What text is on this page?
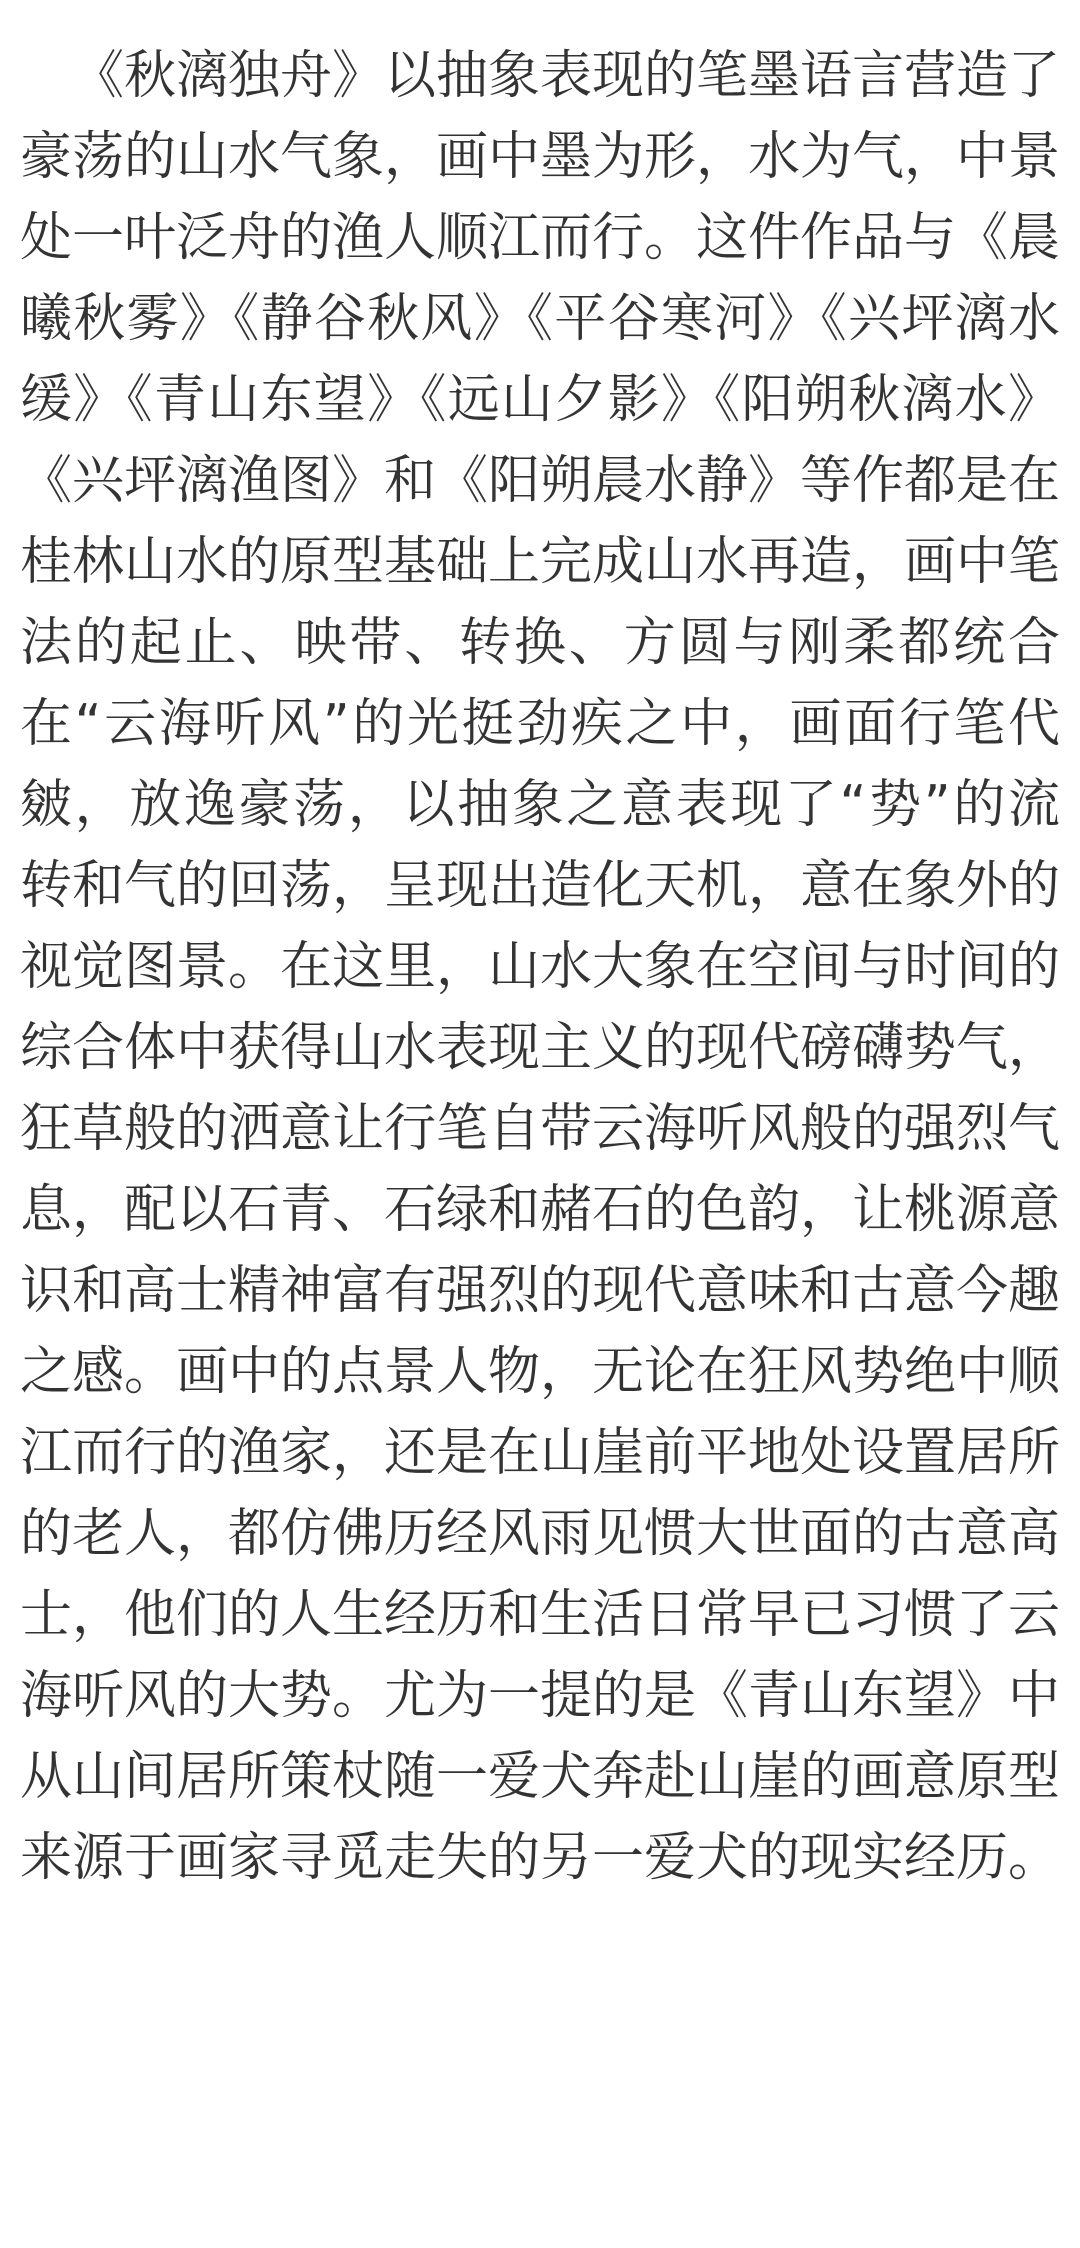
《秋漓独舟》以抽象表现的笔墨语言营造了豪荡的山水气象，画中墨为形，水为气，中景处一叶泛舟的渔人顺江而行。这件作品与《晨曦秋雾》《静谷秋风》《平谷寒河》《兴坪漓水缓》《青山东望》《远山夕影》《阳朔秋漓水》《兴坪漓渔图》和《阳朔晨水静》等作都是在桂林山水的原型基础上完成山水再造，画中笔法的起止、映带、转换、方圆与刚柔都统合在“云海听风”的光挺劲疾之中，画面行笔代皴，放逸豪荡，以抽象之意表现了“势”的流转和气的回荡，呈现出造化天机，意在象外的视觉图景。在这里，山水大象在空间与时间的综合体中获得山水表现主义的现代磅礴势气，狂草般的洒意让行笔自带云海听风般的强烈气息，配以石青、石绿和赭石的色韵，让桃源意识和高士精神富有强烈的现代意味和古意今趣之感。画中的点景人物，无论在狂风势绝中顺江而行的渔家，还是在山崖前平地处设置居所的老人，都仿佛历经风雨见惯大世面的古意高士，他们的人生经历和生活日常早已习惯了云海听风的大势。尤为一提的是《青山东望》中从山间居所策杖随一爱犬奔赴山崖的画意原型来源于画家寻觅走失的另一爱犬的现实经历。
